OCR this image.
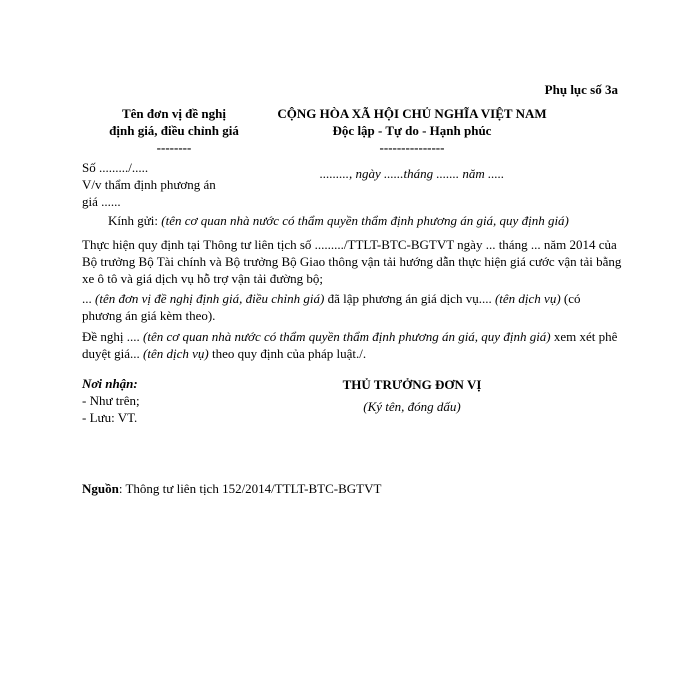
Phụ lục số 3a
Tên đơn vị đề nghị
định giá, điều chỉnh giá
--------
CỘNG HÒA XÃ HỘI CHỦ NGHĨA VIỆT NAM
Độc lập - Tự do - Hạnh phúc
---------------
Số ........./.....
V/v thẩm định phương án
giá ......
........., ngày ......tháng ....... năm .....
Kính gửi: (tên cơ quan nhà nước có thẩm quyền thẩm định phương án giá, quy định giá)

Thực hiện quy định tại Thông tư liên tịch số ........./TTLT-BTC-BGTVT ngày ... tháng ... năm 2014 của Bộ trưởng Bộ Tài chính và Bộ trưởng Bộ Giao thông vận tải hướng dẫn thực hiện giá cước vận tải bằng xe ô tô và giá dịch vụ hỗ trợ vận tải đường bộ;

... (tên đơn vị đề nghị định giá, điều chỉnh giá) đã lập phương án giá dịch vụ.... (tên dịch vụ) (có phương án giá kèm theo).

Đề nghị .... (tên cơ quan nhà nước có thẩm quyền thẩm định phương án giá, quy định giá) xem xét phê duyệt giá... (tên dịch vụ) theo quy định của pháp luật./.

Nơi nhận:
- Như trên;
- Lưu: VT.
THỦ TRƯỞNG ĐƠN VỊ
(Ký tên, đóng dấu)
Nguồn: Thông tư liên tịch 152/2014/TTLT-BTC-BGTVT
